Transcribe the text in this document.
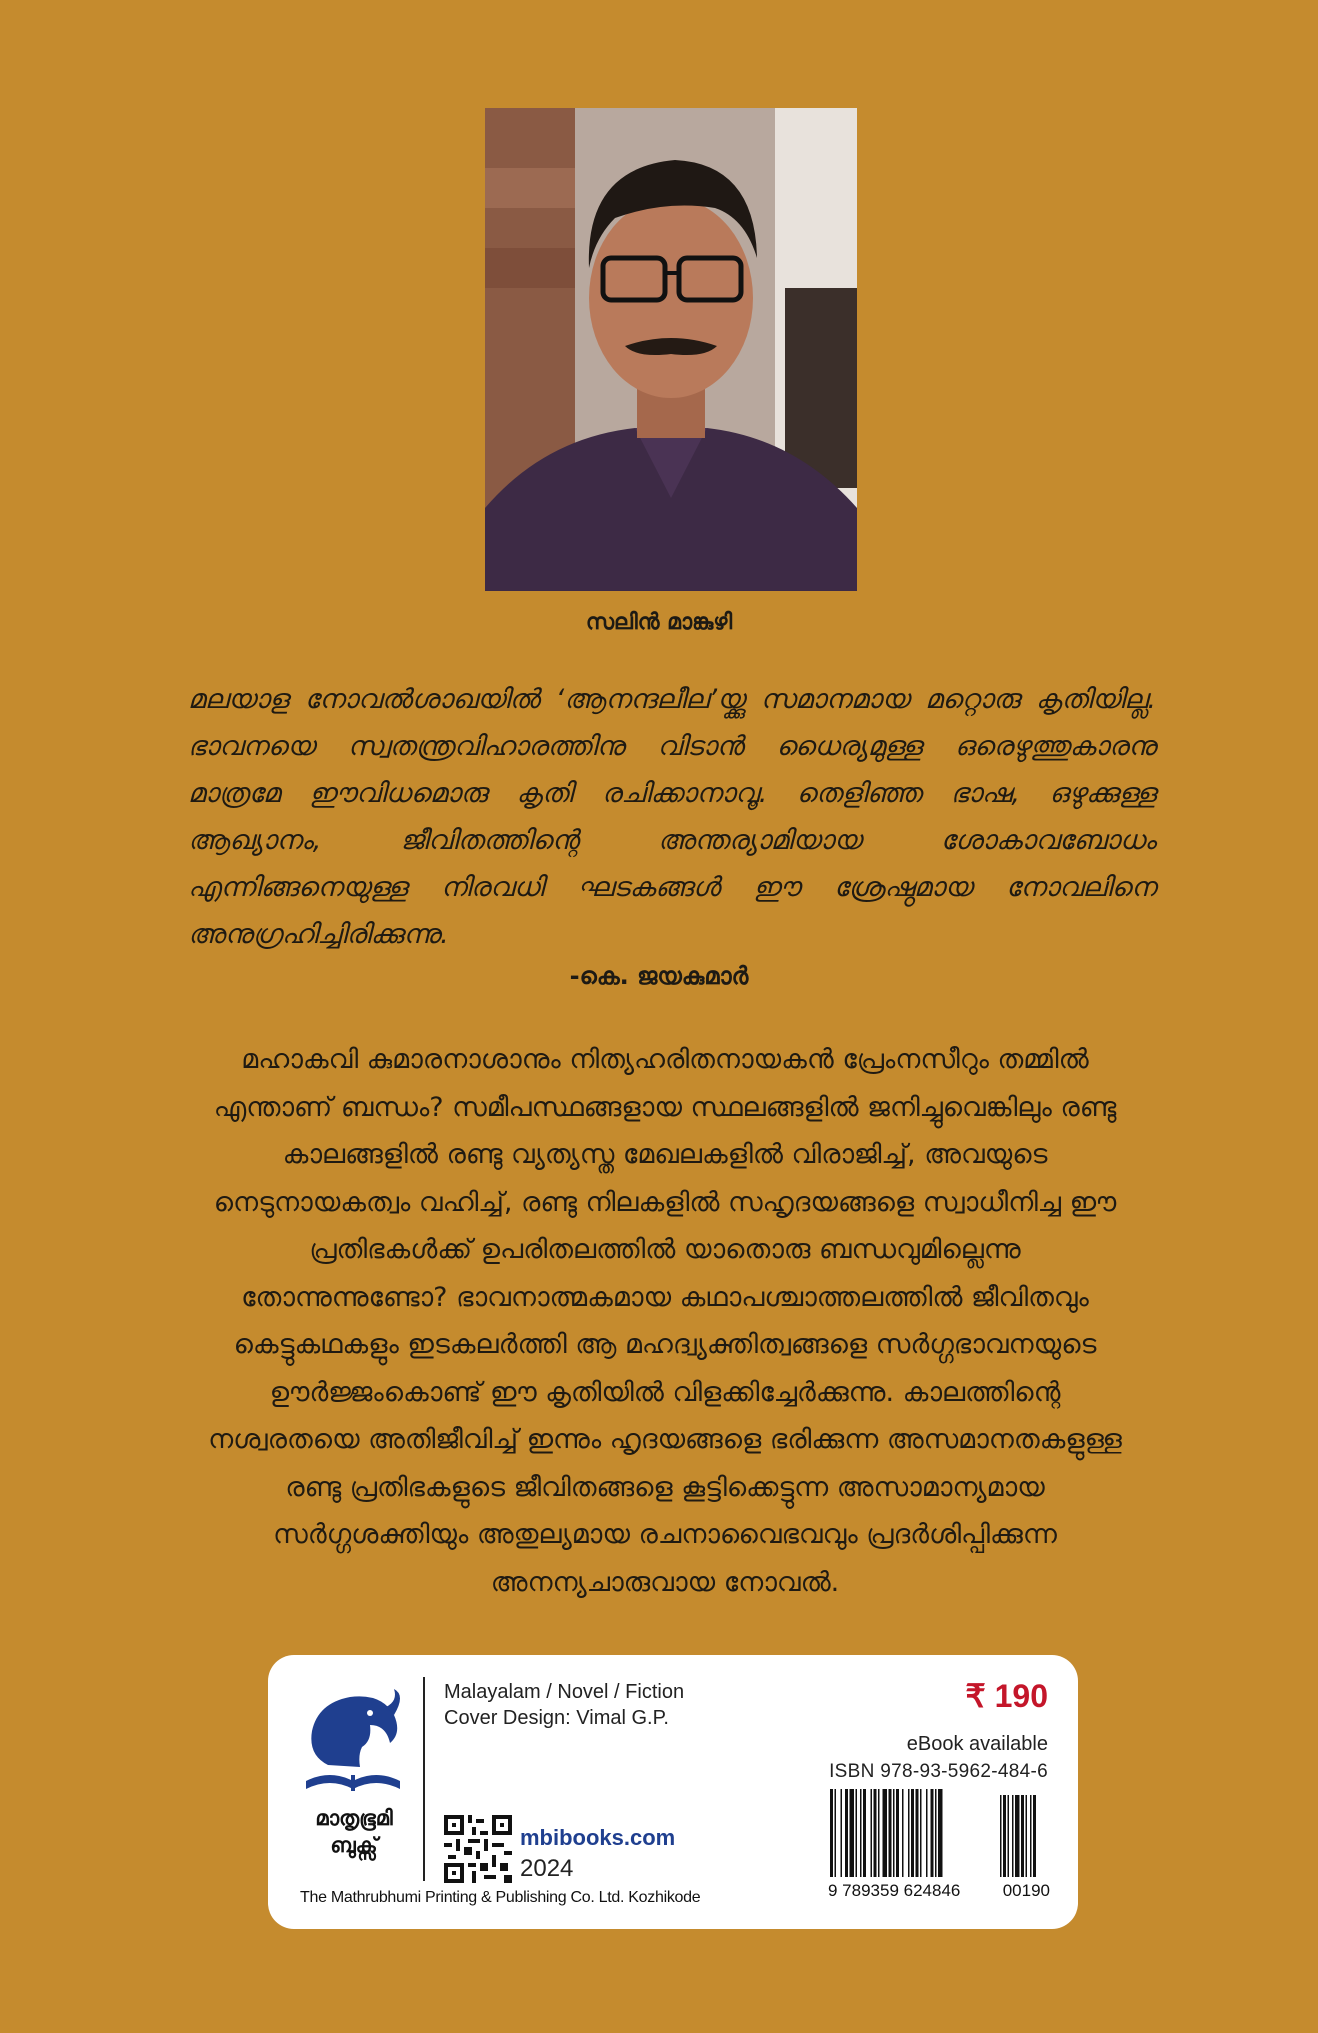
സലിൻ മാങ്കുഴി

മലയാള നോവൽശാഖയിൽ ‘ആനന്ദലീല’യ്ക്കു സമാനമായ മറ്റൊരു കൃതിയില്ല. ഭാവനയെ സ്വതന്ത്രവിഹാരത്തിനു വിടാൻ ധൈര്യമുള്ള ഒരെഴുത്തുകാരനു മാത്രമേ ഈവിധമൊരു കൃതി രചിക്കാനാവൂ. തെളിഞ്ഞ ഭാഷ, ഒഴുക്കുള്ള ആഖ്യാനം, ജീവിതത്തിന്റെ അന്തര്യാമിയായ ശോകാവബോധം എന്നിങ്ങനെയുള്ള നിരവധി ഘടകങ്ങൾ ഈ ശ്രേഷ്ഠമായ നോവലിനെ അനുഗ്രഹിച്ചിരിക്കുന്നു.

-കെ. ജയകുമാർ

മഹാകവി കുമാരനാശാനും നിത്യഹരിതനായകൻ പ്രേംനസീറും തമ്മിൽ എന്താണ് ബന്ധം? സമീപസ്ഥങ്ങളായ സ്ഥലങ്ങളിൽ ജനിച്ചുവെങ്കിലും രണ്ടു കാലങ്ങളിൽ രണ്ടു വ്യത്യസ്ത മേഖലകളിൽ വിരാജിച്ച്, അവയുടെ നെടുനായകത്വം വഹിച്ച്, രണ്ടു നിലകളിൽ സഹൃദയങ്ങളെ സ്വാധീനിച്ച ഈ പ്രതിഭകൾക്ക് ഉപരിതലത്തിൽ യാതൊരു ബന്ധവുമില്ലെന്നു തോന്നുന്നുണ്ടോ? ഭാവനാത്മകമായ കഥാപശ്ചാത്തലത്തിൽ ജീവിതവും കെട്ടുകഥകളും ഇടകലർത്തി ആ മഹദ്വ്യക്തിത്വങ്ങളെ സർഗ്ഗഭാവനയുടെ ഊർജ്ജംകൊണ്ട് ഈ കൃതിയിൽ വിളക്കിച്ചേർക്കുന്നു. കാലത്തിന്റെ നശ്വരതയെ അതിജീവിച്ച് ഇന്നും ഹൃദയങ്ങളെ ഭരിക്കുന്ന അസമാനതകളുള്ള രണ്ടു പ്രതിഭകളുടെ ജീവിതങ്ങളെ കൂട്ടിക്കെട്ടുന്ന അസാമാന്യമായ സർഗ്ഗശക്തിയും അതുല്യമായ രചനാവൈഭവവും പ്രദർശിപ്പിക്കുന്ന അനന്യചാരുവായ നോവൽ.

മാതൃഭൂമി
ബുക്സ്
The Mathrubhumi Printing & Publishing Co. Ltd. Kozhikode
Malayalam / Novel / Fiction
Cover Design: Vimal G.P.
mbibooks.com
2024
₹ 190
eBook available
ISBN 978-93-5962-484-6
9 789359 624846 00190
